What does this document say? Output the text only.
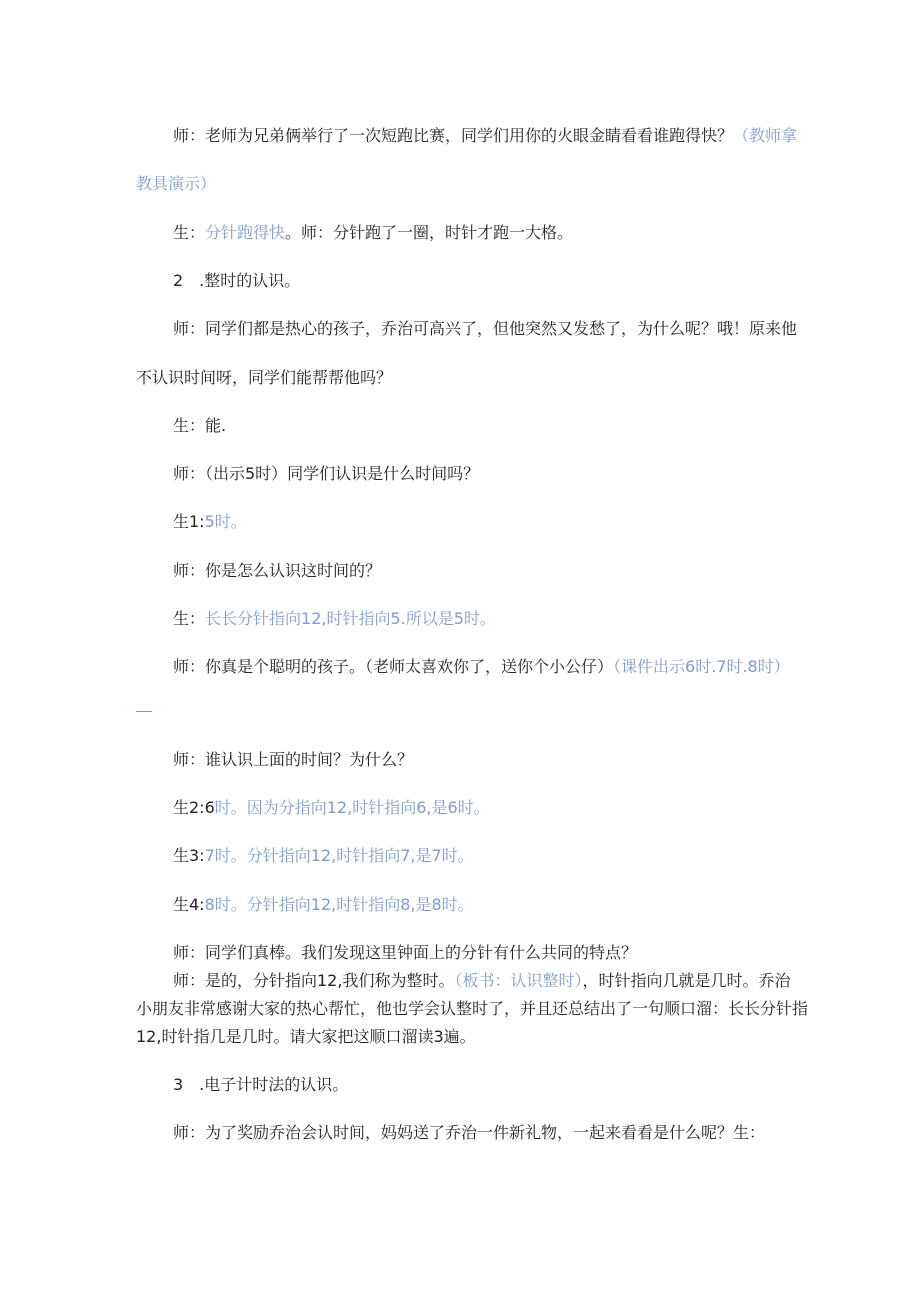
师：老师为兄弟俩举行了一次短跑比赛，同学们用你的火眼金睛看看谁跑得快？（教师拿
教具演示）
生：分针跑得快。师：分针跑了一圈，时针才跑一大格。
2　.整时的认识。
师：同学们都是热心的孩子，乔治可高兴了，但他突然又发愁了，为什么呢？哦！原来他
不认识时间呀，同学们能帮帮他吗？
生：能.
师：（出示5时）同学们认识是什么时间吗？
生1:5时。
师：你是怎么认识这时间的？
生：长长分针指向12,时针指向5.所以是5时。
师：你真是个聪明的孩子。（老师太喜欢你了，送你个小公仔）（课件出示6时.7时.8时）
师：谁认识上面的时间？为什么？
生2:6时。因为分指向12,时针指向6,是6时。
生3:7时。分针指向12,时针指向7,是7时。
生4:8时。分针指向12,时针指向8,是8时。
师：同学们真棒。我们发现这里钟面上的分针有什么共同的特点？
师：是的，分针指向12,我们称为整时。（板书：认识整时），时针指向几就是几时。乔治
小朋友非常感谢大家的热心帮忙，他也学会认整时了，并且还总结出了一句顺口溜：长长分针指
12,时针指几是几时。请大家把这顺口溜读3遍。
3　.电子计时法的认识。
师：为了奖励乔治会认时间，妈妈送了乔治一件新礼物，一起来看看是什么呢？生：
